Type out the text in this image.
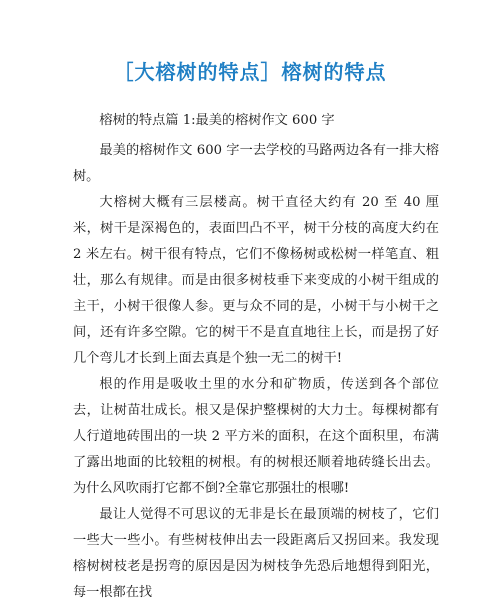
［大榕树的特点］榕树的特点

榕树的特点篇 1:最美的榕树作文 600 字

最美的榕树作文 600 字一去学校的马路两边各有一排大榕树。

大榕树大概有三层楼高。树干直径大约有 20 至 40 厘米，树干是深褐色的，表面凹凸不平，树干分枝的高度大约在 2 米左右。树干很有特点，它们不像杨树或松树一样笔直、粗壮，那么有规律。而是由很多树枝垂下来变成的小树干组成的主干，小树干很像人参。更与众不同的是，小树干与小树干之间，还有许多空隙。它的树干不是直直地往上长，而是拐了好几个弯儿才长到上面去真是个独一无二的树干!

根的作用是吸收土里的水分和矿物质，传送到各个部位去，让树苗壮成长。根又是保护整棵树的大力士。每棵树都有人行道地砖围出的一块 2 平方米的面积，在这个面积里，布满了露出地面的比较粗的树根。有的树根还顺着地砖缝长出去。为什么风吹雨打它都不倒?全靠它那强壮的根哪!

最让人觉得不可思议的无非是长在最顶端的树枝了，它们一些大一些小。有些树枝伸出去一段距离后又拐回来。我发现榕树树枝老是拐弯的原因是因为树枝争先恐后地想得到阳光，每一根都在找
